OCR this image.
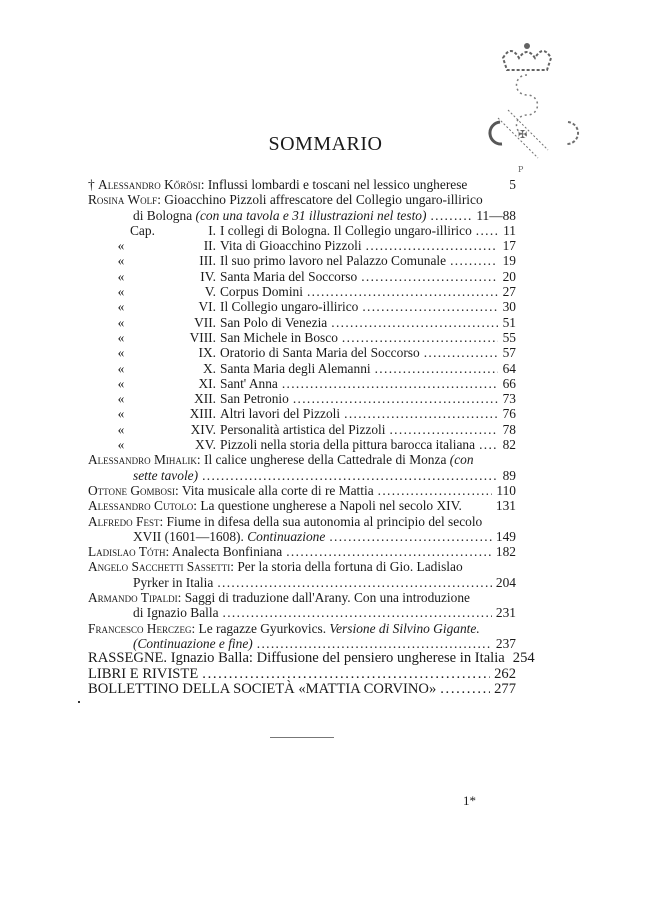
✠
P
SOMMARIO
† Alessandro Kőrösi: Influssi lombardi e toscani nel lessico ungherese	5
Rosina Wolf: Gioacchino Pizzoli affrescatore del Collegio ungaro-illirico
di Bologna (con una tavola e 31 illustrazioni nel testo) . . .	11—88
Cap.	I. I collegi di Bologna. Il Collegio ungaro-illirico . . . 11
«	II. Vita di Gioacchino Pizzoli . . .	17
«	III. Il suo primo lavoro nel Palazzo Comunale . . .	19
«	IV. Santa Maria del Soccorso . . .	20
«	V. Corpus Domini . . .	27
«	VI. Il Collegio ungaro-illirico . . .	30
«	VII. San Polo di Venezia . . .	51
«	VIII. San Michele in Bosco . . .	55
«	IX. Oratorio di Santa Maria del Soccorso . . .	57
«	X. Santa Maria degli Alemanni . . .	64
«	XI. Sant' Anna . . .	66
«	XII. San Petronio . . .	73
«	XIII. Altri lavori del Pizzoli . . .	76
«	XIV. Personalità artistica del Pizzoli . . .	78
«	XV. Pizzoli nella storia della pittura barocca italiana . . . 82
Alessandro Mihalik: Il calice ungherese della Cattedrale di Monza (con
sette tavole) . . .	89
Ottone Gombosi: Vita musicale alla corte di re Mattia . . .	110
Alessandro Cutolo: La questione ungherese a Napoli nel secolo XIV.	131
Alfredo Fest: Fiume in difesa della sua autonomia al principio del secolo
XVII (1601—1608). Continuazione . . .	149
Ladislao Tóth: Analecta Bonfiniana . . .	182
Angelo Sacchetti Sassetti: Per la storia della fortuna di Gio. Ladislao
Pyrker in Italia . . .	204
Armando Tipaldi: Saggi di traduzione dall'Arany. Con una introduzione
di Ignazio Balla . . .	231
Francesco Herczeg: Le ragazze Gyurkovics. Versione di Silvino Gigante.
(Continuazione e fine) . . .	237
RASSEGNE. Ignazio Balla: Diffusione del pensiero ungherese in Italia 254
LIBRI E RIVISTE . . .	262
BOLLETTINO DELLA SOCIETÀ «MATTIA CORVINO» . . .	277
1*
